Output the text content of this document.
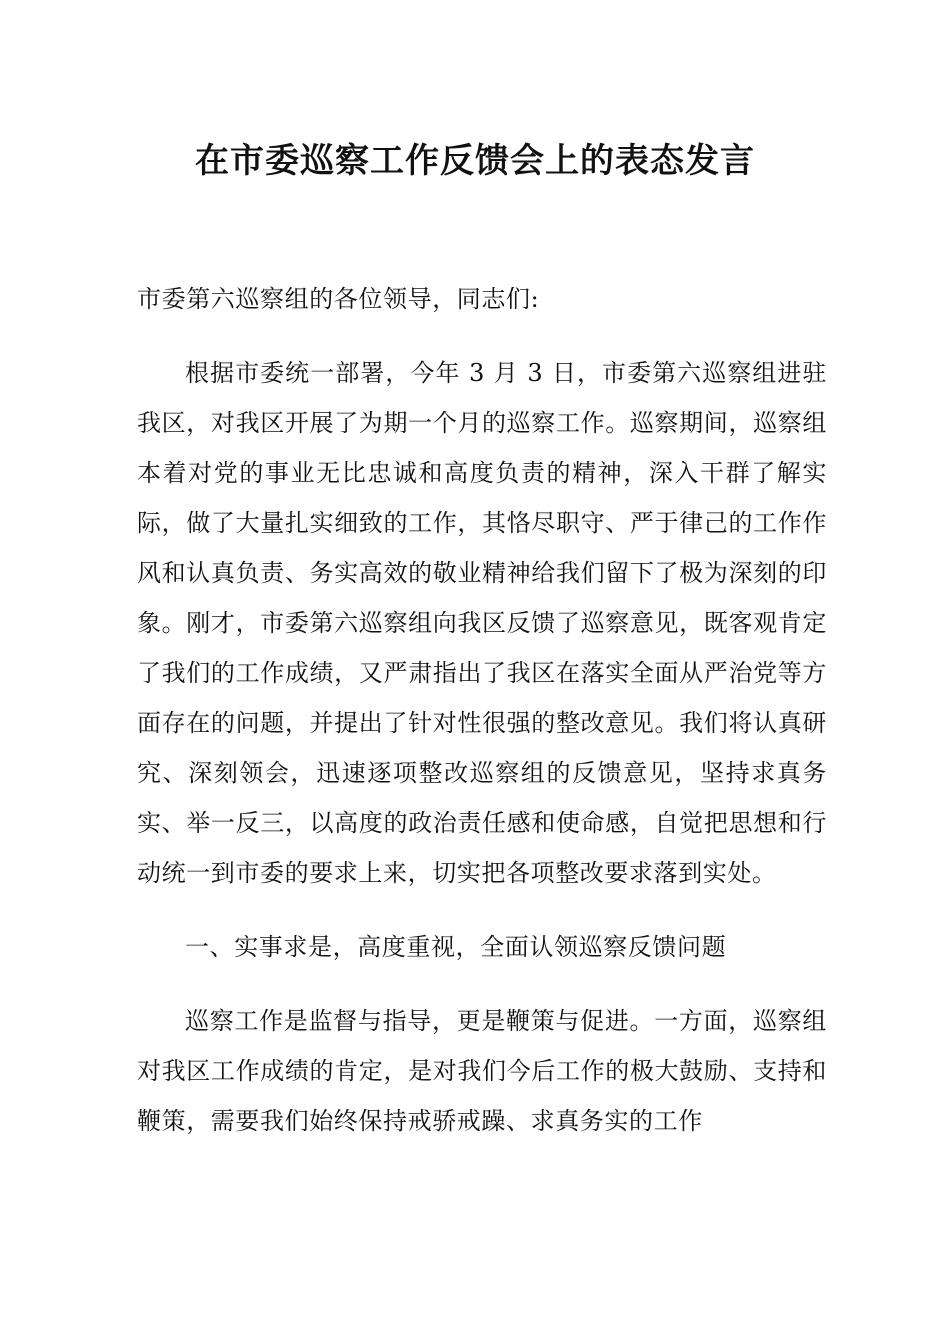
在市委巡察工作反馈会上的表态发言

市委第六巡察组的各位领导，同志们:

根据市委统一部署，今年 3 月 3 日，市委第六巡察组进驻我区，对我区开展了为期一个月的巡察工作。巡察期间，巡察组本着对党的事业无比忠诚和高度负责的精神，深入干群了解实际，做了大量扎实细致的工作，其恪尽职守、严于律己的工作作风和认真负责、务实高效的敬业精神给我们留下了极为深刻的印象。刚才，市委第六巡察组向我区反馈了巡察意见，既客观肯定了我们的工作成绩，又严肃指出了我区在落实全面从严治党等方面存在的问题，并提出了针对性很强的整改意见。我们将认真研究、深刻领会，迅速逐项整改巡察组的反馈意见，坚持求真务实、举一反三，以高度的政治责任感和使命感，自觉把思想和行动统一到市委的要求上来，切实把各项整改要求落到实处。

一、实事求是，高度重视，全面认领巡察反馈问题

巡察工作是监督与指导，更是鞭策与促进。一方面，巡察组对我区工作成绩的肯定，是对我们今后工作的极大鼓励、支持和鞭策，需要我们始终保持戒骄戒躁、求真务实的工作
